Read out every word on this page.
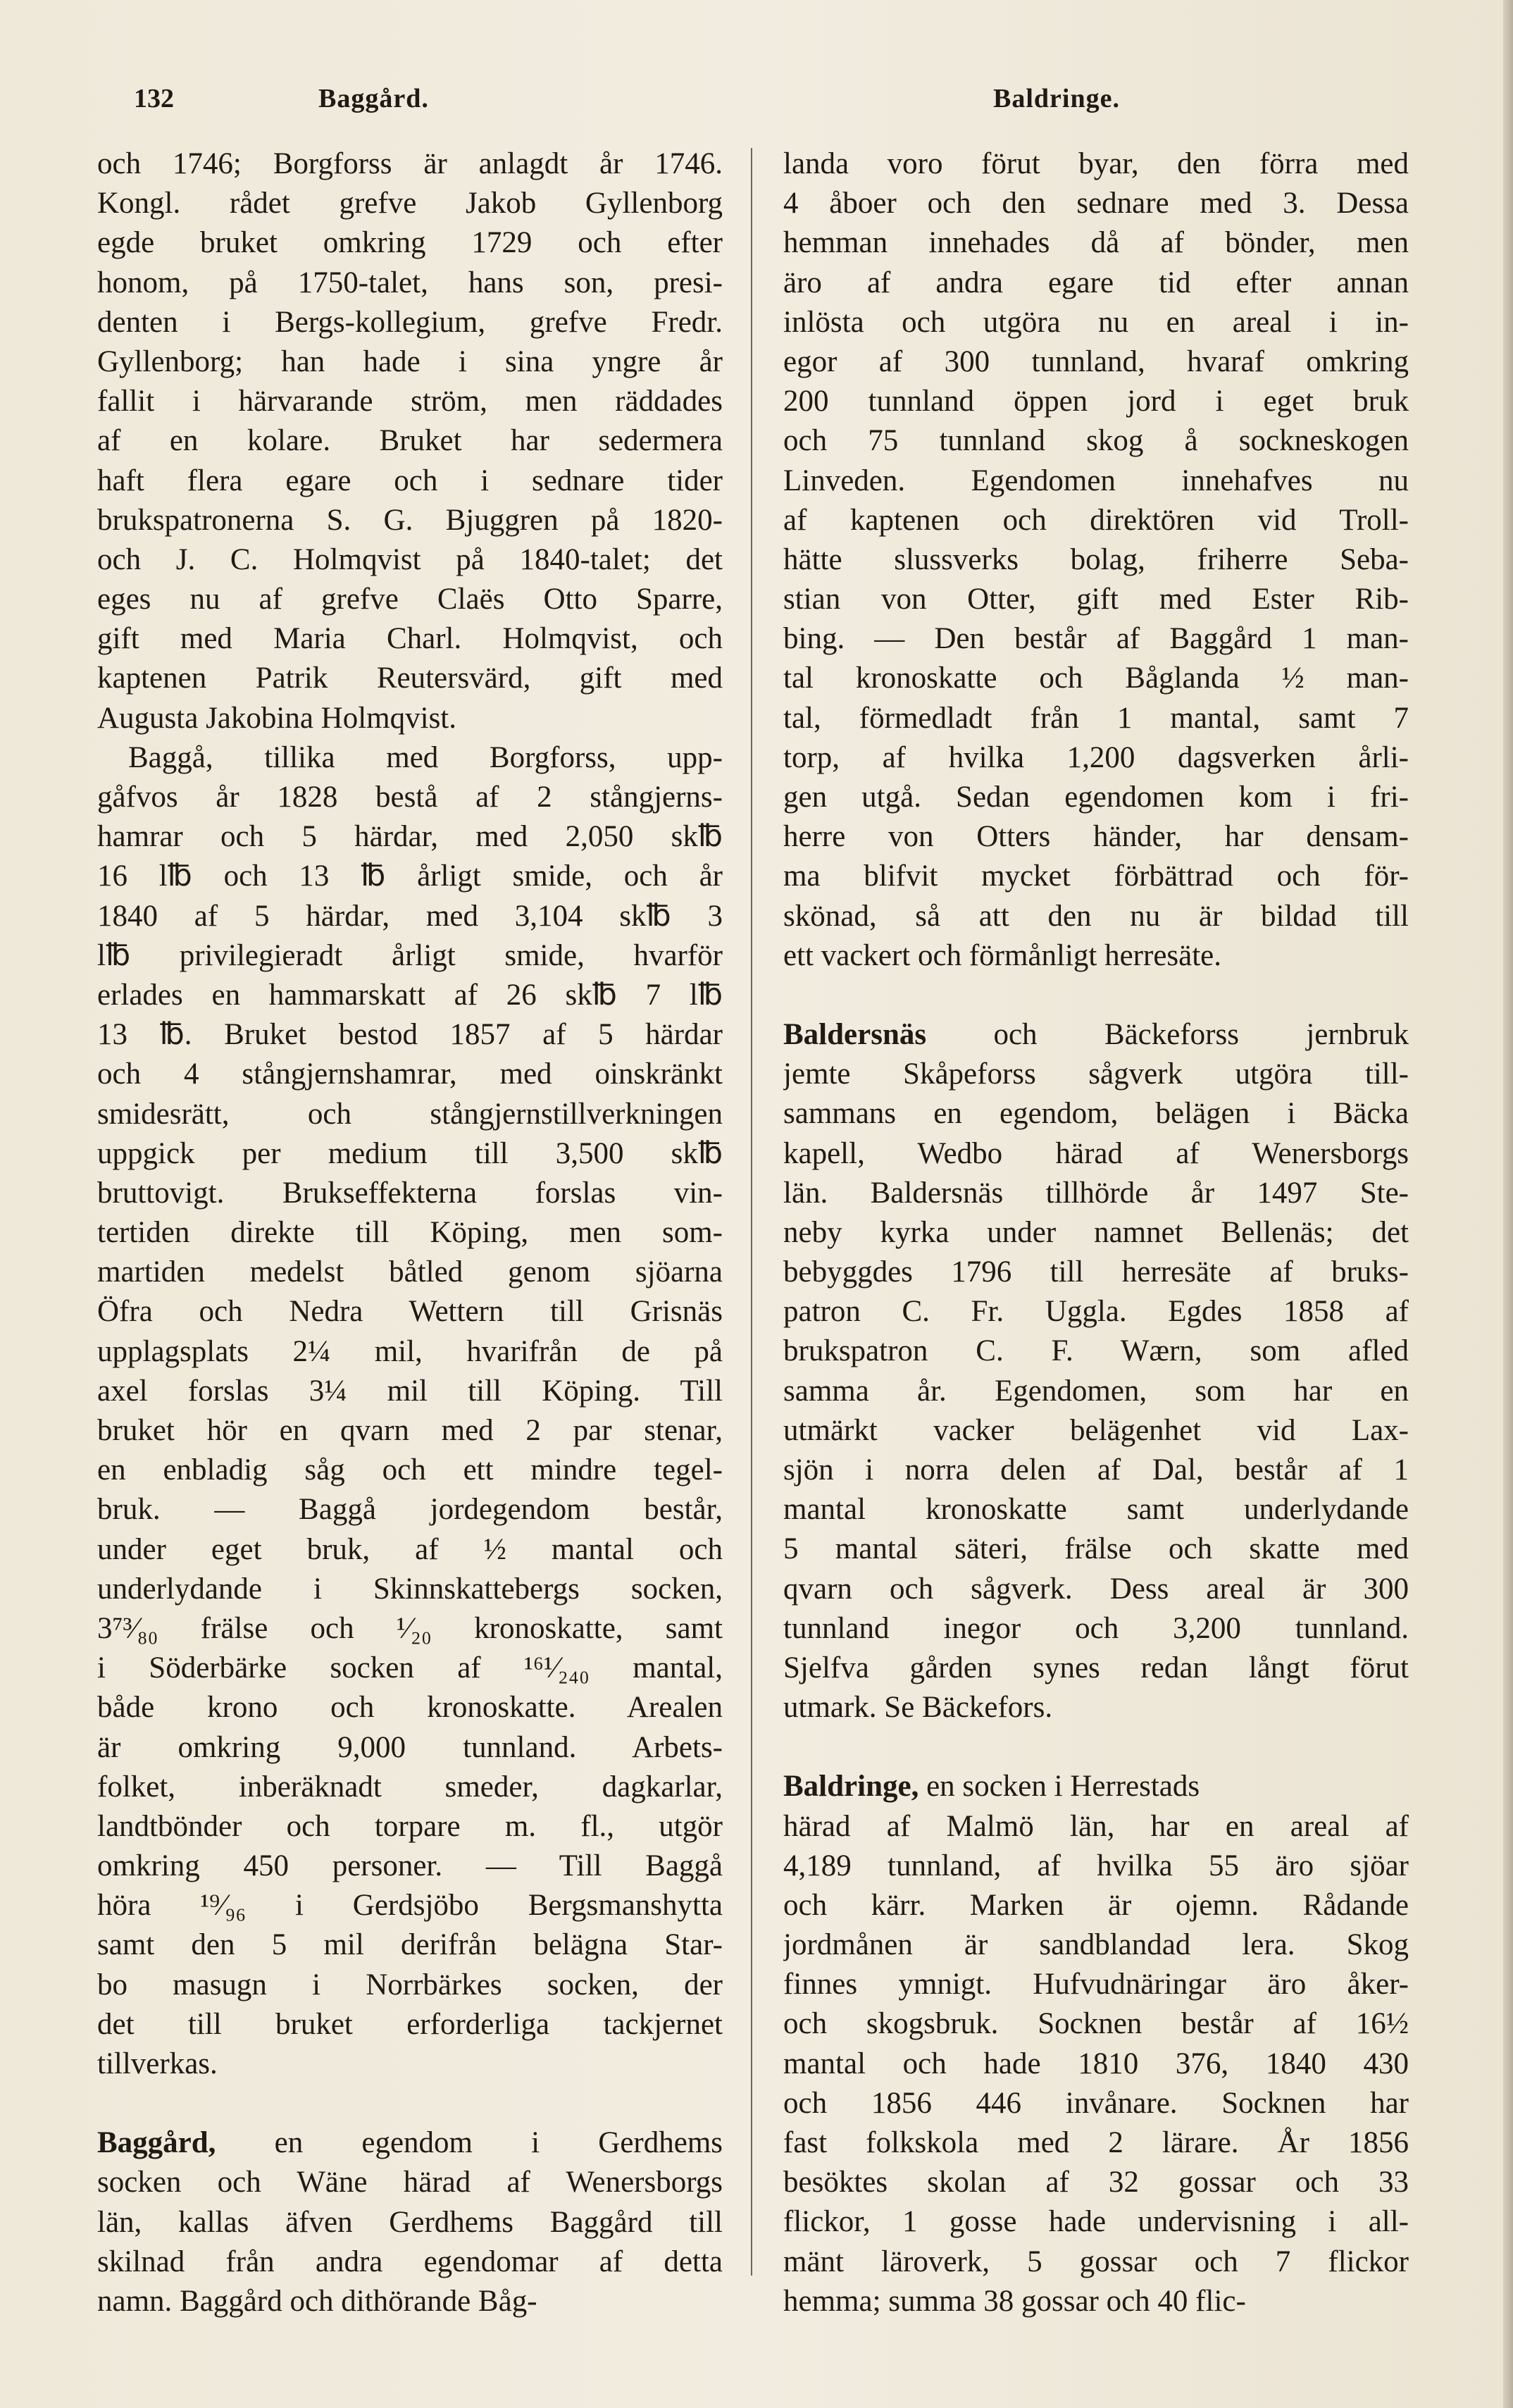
132	Baggård.	Baldringe.
och 1746; Borgforss är anlagdt år 1746.
Kongl. rådet grefve Jakob Gyllenborg
egde bruket omkring 1729 och efter
honom, på 1750-talet, hans son, presi-
denten i Bergs-kollegium, grefve Fredr.
Gyllenborg; han hade i sina yngre år
fallit i härvarande ström, men räddades
af en kolare. Bruket har sedermera
haft flera egare och i sednare tider
brukspatronerna S. G. Bjuggren på 1820-
och J. C. Holmqvist på 1840-talet; det
eges nu af grefve Claës Otto Sparre,
gift med Maria Charl. Holmqvist, och
kaptenen Patrik Reutersvärd, gift med
Augusta Jakobina Holmqvist.
Baggå, tillika med Borgforss, upp-
gåfvos år 1828 bestå af 2 stångjerns-
hamrar och 5 härdar, med 2,050 sk℔
16 l℔ och 13 ℔ årligt smide, och år
1840 af 5 härdar, med 3,104 sk℔ 3
l℔ privilegieradt årligt smide, hvarför
erlades en hammarskatt af 26 sk℔ 7 l℔
13 ℔. Bruket bestod 1857 af 5 härdar
och 4 stångjernshamrar, med oinskränkt
smidesrätt, och stångjernstillverkningen
uppgick per medium till 3,500 sk℔
bruttovigt. Bruksеffekterna forslas vin-
tertiden direkte till Köping, men som-
martiden medelst båtled genom sjöarna
Öfra och Nedra Wettern till Grisnäs
upplagsplats 2¼ mil, hvarifrån de på
axel forslas 3¼ mil till Köping. Till
bruket hör en qvarn med 2 par stenar,
en enbladig såg och ett mindre tegel-
bruk. — Baggå jordegendom består,
under eget bruk, af ½ mantal och
underlydande i Skinnskattebergs socken,
3⁷³⁄₈₀ frälse och ¹⁄₂₀ kronoskatte, samt
i Söderbärke socken af ¹⁶¹⁄₂₄₀ mantal,
både krono och kronoskatte. Arealen
är omkring 9,000 tunnland. Arbets-
folket, inberäknadt smeder, dagkarlar,
landtbönder och torpare m. fl., utgör
omkring 450 personer. — Till Baggå
höra ¹⁹⁄₉₆ i Gerdsjöbo Bergsmanshytta
samt den 5 mil derifrån belägna Star-
bo masugn i Norrbärkes socken, der
det till bruket erforderliga tackjernet
tillverkas.
Baggård, en egendom i Gerdhems
socken och Wäne härad af Wenersborgs
län, kallas äfven Gerdhems Baggård till
skilnad från andra egendomar af detta
namn. Baggård och dithörande Båg-
landa voro förut byar, den förra med
4 åboer och den sednare med 3. Dessa
hemman innehades då af bönder, men
äro af andra egare tid efter annan
inlösta och utgöra nu en areal i in-
egor af 300 tunnland, hvaraf omkring
200 tunnland öppen jord i eget bruk
och 75 tunnland skog å sockneskogen
Linveden. Egendomen innehafves nu
af kaptenen och direktören vid Troll-
hätte slussverks bolag, friherre Seba-
stian von Otter, gift med Ester Rib-
bing. — Den består af Baggård 1 man-
tal kronoskatte och Båglanda ½ man-
tal, förmedladt från 1 mantal, samt 7
torp, af hvilka 1,200 dagsverken årli-
gen utgå. Sedan egendomen kom i fri-
herre von Otters händer, har densam-
ma blifvit mycket förbättrad och för-
skönad, så att den nu är bildad till
ett vackert och förmånligt herresäte.
Baldersnäs och Bäckeforss jernbruk
jemte Skåpeforss sågverk utgöra till-
sammans en egendom, belägen i Bäcka
kapell, Wedbo härad af Wenersborgs
län. Baldersnäs tillhörde år 1497 Ste-
neby kyrka under namnet Bellenäs; det
bebyggdes 1796 till herresäte af bruks-
patron C. Fr. Uggla. Egdes 1858 af
brukspatron C. F. Wærn, som afled
samma år. Egendomen, som har en
utmärkt vacker belägenhet vid Lax-
sjön i norra delen af Dal, består af 1
mantal kronoskatte samt underlydande
5 mantal säteri, frälse och skatte med
qvarn och sågverk. Dess areal är 300
tunnland inegor och 3,200 tunnland.
Sjelfva gården synes redan långt förut
utmark. Se Bäckefors.
Baldringe, en socken i Herrestads
härad af Malmö län, har en areal af
4,189 tunnland, af hvilka 55 äro sjöar
och kärr. Marken är ojemn. Rådande
jordmånen är sandblandad lera. Skog
finnes ymnigt. Hufvudnäringar äro åker-
och skogsbruk. Socknen består af 16½
mantal och hade 1810 376, 1840 430
och 1856 446 invånare. Socknen har
fast folkskola med 2 lärare. År 1856
besöktes skolan af 32 gossar och 33
flickor, 1 gosse hade undervisning i all-
mänt läroverk, 5 gossar och 7 flickor
hemma; summa 38 gossar och 40 flic-
